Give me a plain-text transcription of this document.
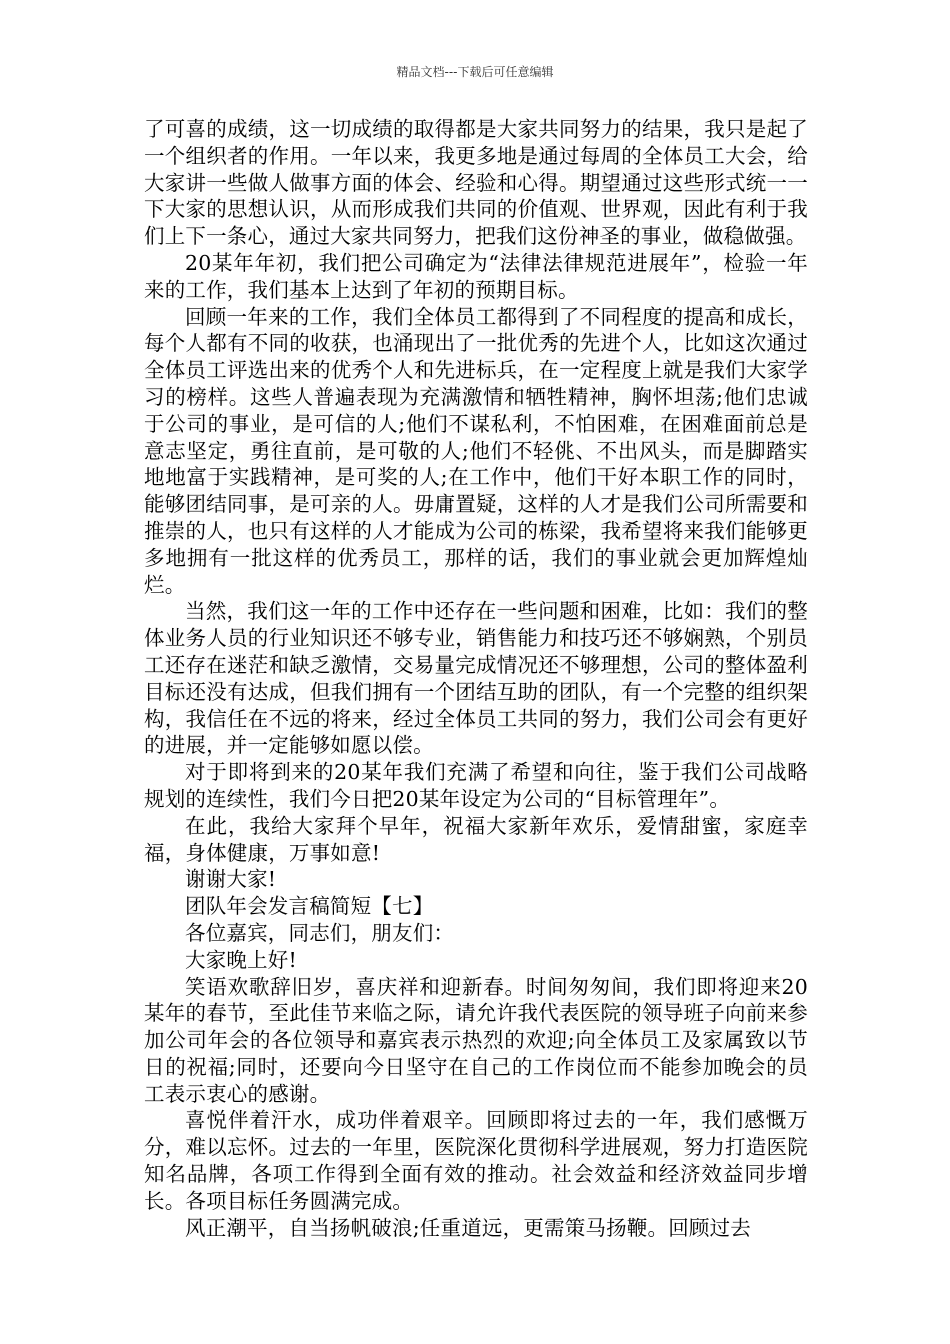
精品文档---下载后可任意编辑

了可喜的成绩，这一切成绩的取得都是大家共同努力的结果，我只是起了一个组织者的作用。一年以来，我更多地是通过每周的全体员工大会，给大家讲一些做人做事方面的体会、经验和心得。期望通过这些形式统一一下大家的思想认识，从而形成我们共同的价值观、世界观，因此有利于我们上下一条心，通过大家共同努力，把我们这份神圣的事业，做稳做强。

20某年年初，我们把公司确定为“法律法律规范进展年”，检验一年来的工作，我们基本上达到了年初的预期目标。

回顾一年来的工作，我们全体员工都得到了不同程度的提高和成长，每个人都有不同的收获，也涌现出了一批优秀的先进个人，比如这次通过全体员工评选出来的优秀个人和先进标兵，在一定程度上就是我们大家学习的榜样。这些人普遍表现为充满激情和牺牲精神，胸怀坦荡;他们忠诚于公司的事业，是可信的人;他们不谋私利，不怕困难，在困难面前总是意志坚定，勇往直前，是可敬的人;他们不轻佻、不出风头，而是脚踏实地地富于实践精神，是可奖的人;在工作中，他们干好本职工作的同时，能够团结同事，是可亲的人。毋庸置疑，这样的人才是我们公司所需要和推崇的人，也只有这样的人才能成为公司的栋梁，我希望将来我们能够更多地拥有一批这样的优秀员工，那样的话，我们的事业就会更加辉煌灿烂。

当然，我们这一年的工作中还存在一些问题和困难，比如：我们的整体业务人员的行业知识还不够专业，销售能力和技巧还不够娴熟，个别员工还存在迷茫和缺乏激情，交易量完成情况还不够理想，公司的整体盈利目标还没有达成，但我们拥有一个团结互助的团队，有一个完整的组织架构，我信任在不远的将来，经过全体员工共同的努力，我们公司会有更好的进展，并一定能够如愿以偿。

对于即将到来的20某年我们充满了希望和向往，鉴于我们公司战略规划的连续性，我们今日把20某年设定为公司的“目标管理年”。

在此，我给大家拜个早年，祝福大家新年欢乐，爱情甜蜜，家庭幸福，身体健康，万事如意!

谢谢大家!

团队年会发言稿简短【七】

各位嘉宾，同志们，朋友们：

大家晚上好!

笑语欢歌辞旧岁，喜庆祥和迎新春。时间匆匆间，我们即将迎来20某年的春节，至此佳节来临之际，请允许我代表医院的领导班子向前来参加公司年会的各位领导和嘉宾表示热烈的欢迎;向全体员工及家属致以节日的祝福;同时，还要向今日坚守在自己的工作岗位而不能参加晚会的员工表示衷心的感谢。

喜悦伴着汗水，成功伴着艰辛。回顾即将过去的一年，我们感慨万分，难以忘怀。过去的一年里，医院深化贯彻科学进展观，努力打造医院知名品牌，各项工作得到全面有效的推动。社会效益和经济效益同步增长。各项目标任务圆满完成。

风正潮平，自当扬帆破浪;任重道远，更需策马扬鞭。回顾过去
